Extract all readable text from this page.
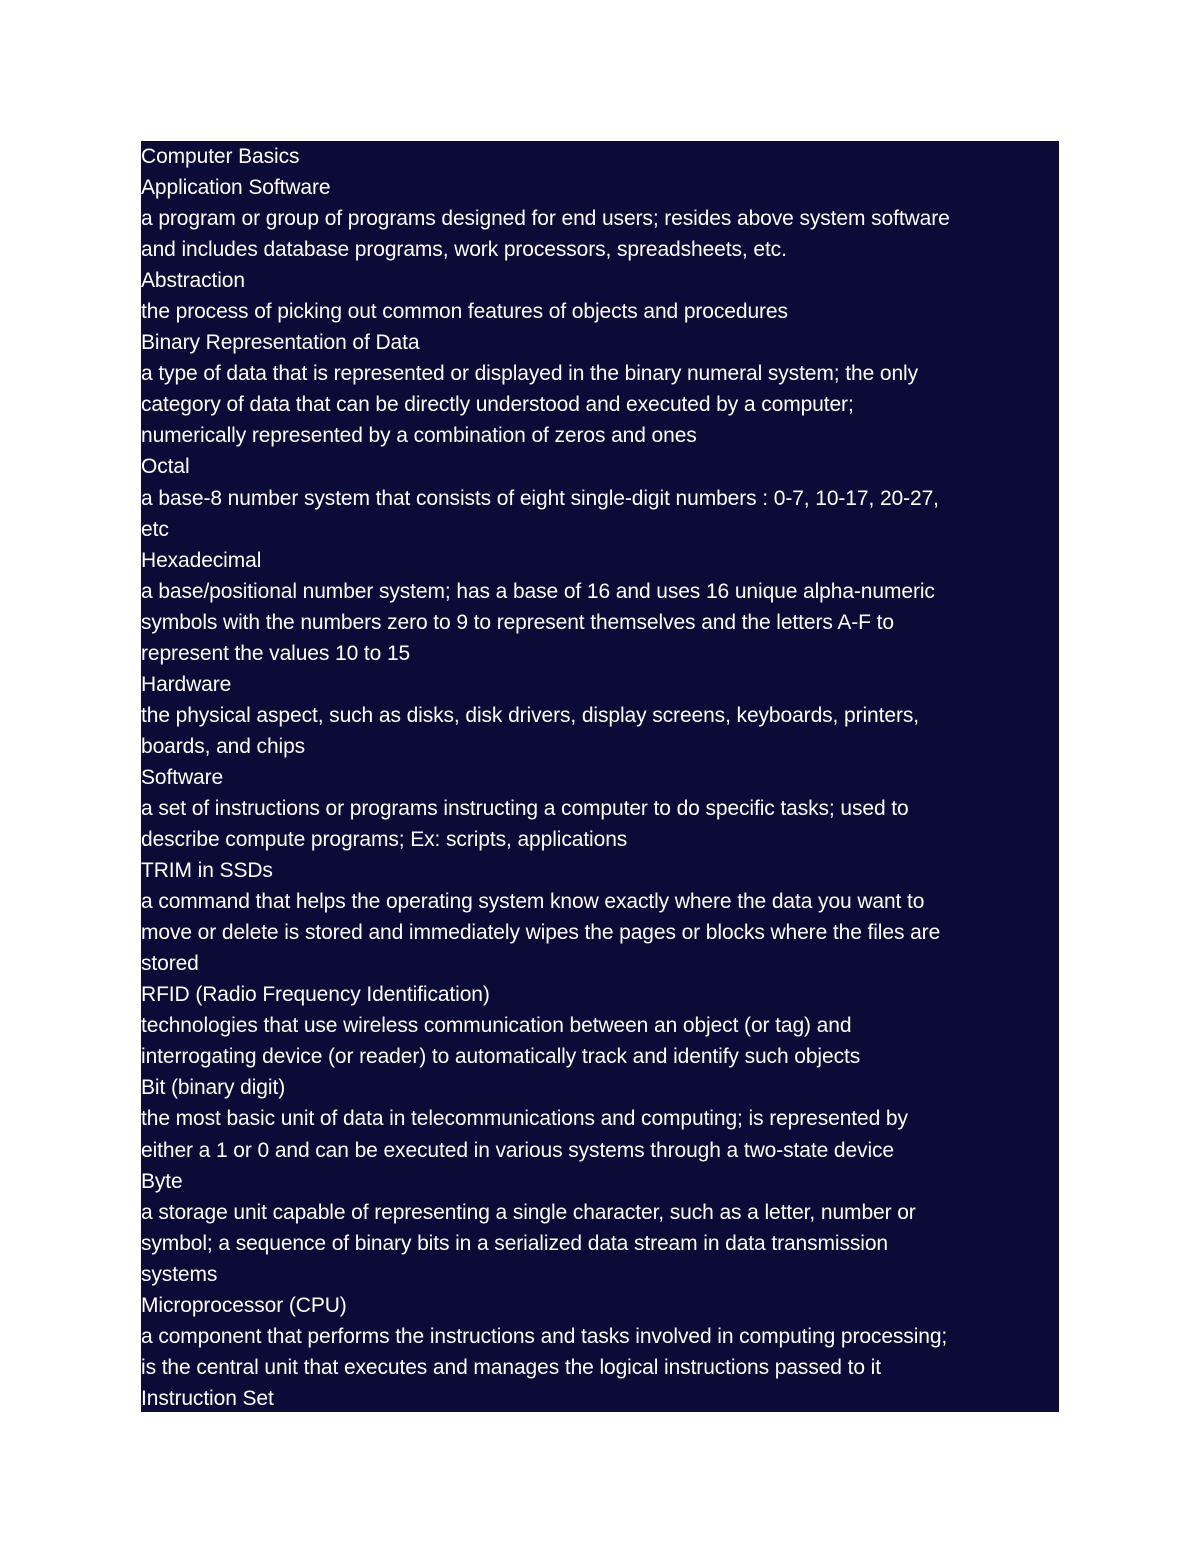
Computer Basics
Application Software
a program or group of programs designed for end users; resides above system software
and includes database programs, work processors, spreadsheets, etc.
Abstraction
the process of picking out common features of objects and procedures
Binary Representation of Data
a type of data that is represented or displayed in the binary numeral system; the only
category of data that can be directly understood and executed by a computer;
numerically represented by a combination of zeros and ones
Octal
a base-8 number system that consists of eight single-digit numbers : 0-7, 10-17, 20-27,
etc
Hexadecimal
a base/positional number system; has a base of 16 and uses 16 unique alpha-numeric
symbols with the numbers zero to 9 to represent themselves and the letters A-F to
represent the values 10 to 15
Hardware
the physical aspect, such as disks, disk drivers, display screens, keyboards, printers,
boards, and chips
Software
a set of instructions or programs instructing a computer to do specific tasks; used to
describe compute programs; Ex: scripts, applications
TRIM in SSDs
a command that helps the operating system know exactly where the data you want to
move or delete is stored and immediately wipes the pages or blocks where the files are
stored
RFID (Radio Frequency Identification)
technologies that use wireless communication between an object (or tag) and
interrogating device (or reader) to automatically track and identify such objects
Bit (binary digit)
the most basic unit of data in telecommunications and computing; is represented by
either a 1 or 0 and can be executed in various systems through a two-state device
Byte
a storage unit capable of representing a single character, such as a letter, number or
symbol; a sequence of binary bits in a serialized data stream in data transmission
systems
Microprocessor (CPU)
a component that performs the instructions and tasks involved in computing processing;
is the central unit that executes and manages the logical instructions passed to it
Instruction Set
